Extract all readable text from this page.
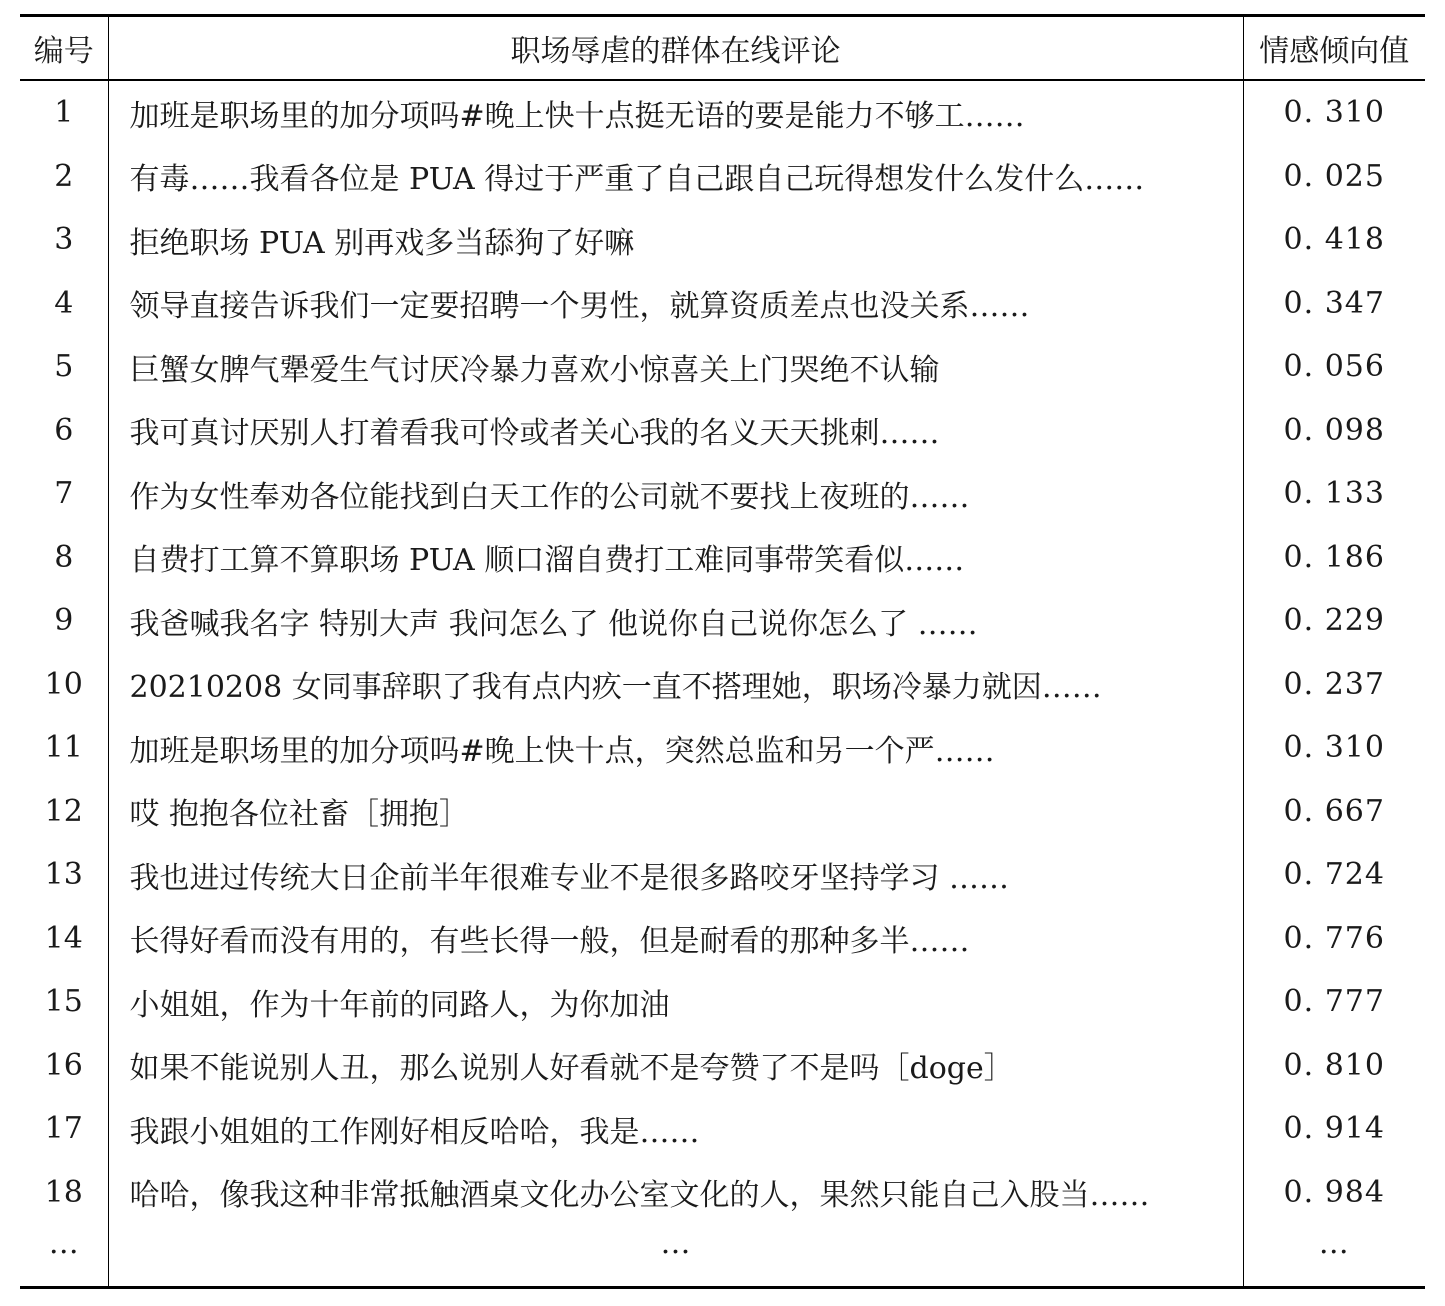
编号	职场辱虐的群体在线评论	情感倾向值
1	加班是职场里的加分项吗#晚上快十点挺无语的要是能力不够工……	0. 310
2	有毒……我看各位是 PUA 得过于严重了自己跟自己玩得想发什么发什么……	0. 025
3	拒绝职场 PUA 别再戏多当舔狗了好嘛	0. 418
4	领导直接告诉我们一定要招聘一个男性，就算资质差点也没关系……	0. 347
5	巨蟹女脾气犟爱生气讨厌冷暴力喜欢小惊喜关上门哭绝不认输	0. 056
6	我可真讨厌别人打着看我可怜或者关心我的名义天天挑刺……	0. 098
7	作为女性奉劝各位能找到白天工作的公司就不要找上夜班的……	0. 133
8	自费打工算不算职场 PUA 顺口溜自费打工难同事带笑看似……	0. 186
9	我爸喊我名字 特别大声 我问怎么了 他说你自己说你怎么了 ……	0. 229
10	20210208 女同事辞职了我有点内疚一直不搭理她，职场冷暴力就因……	0. 237
11	加班是职场里的加分项吗#晚上快十点，突然总监和另一个严……	0. 310
12	哎 抱抱各位社畜［拥抱］	0. 667
13	我也进过传统大日企前半年很难专业不是很多路咬牙坚持学习 ……	0. 724
14	长得好看而没有用的，有些长得一般，但是耐看的那种多半……	0. 776
15	小姐姐，作为十年前的同路人，为你加油	0. 777
16	如果不能说别人丑，那么说别人好看就不是夸赞了不是吗［doge］	0. 810
17	我跟小姐姐的工作刚好相反哈哈，我是……	0. 914
18	哈哈，像我这种非常抵触酒桌文化办公室文化的人，果然只能自己入股当……	0. 984
…	…	…
